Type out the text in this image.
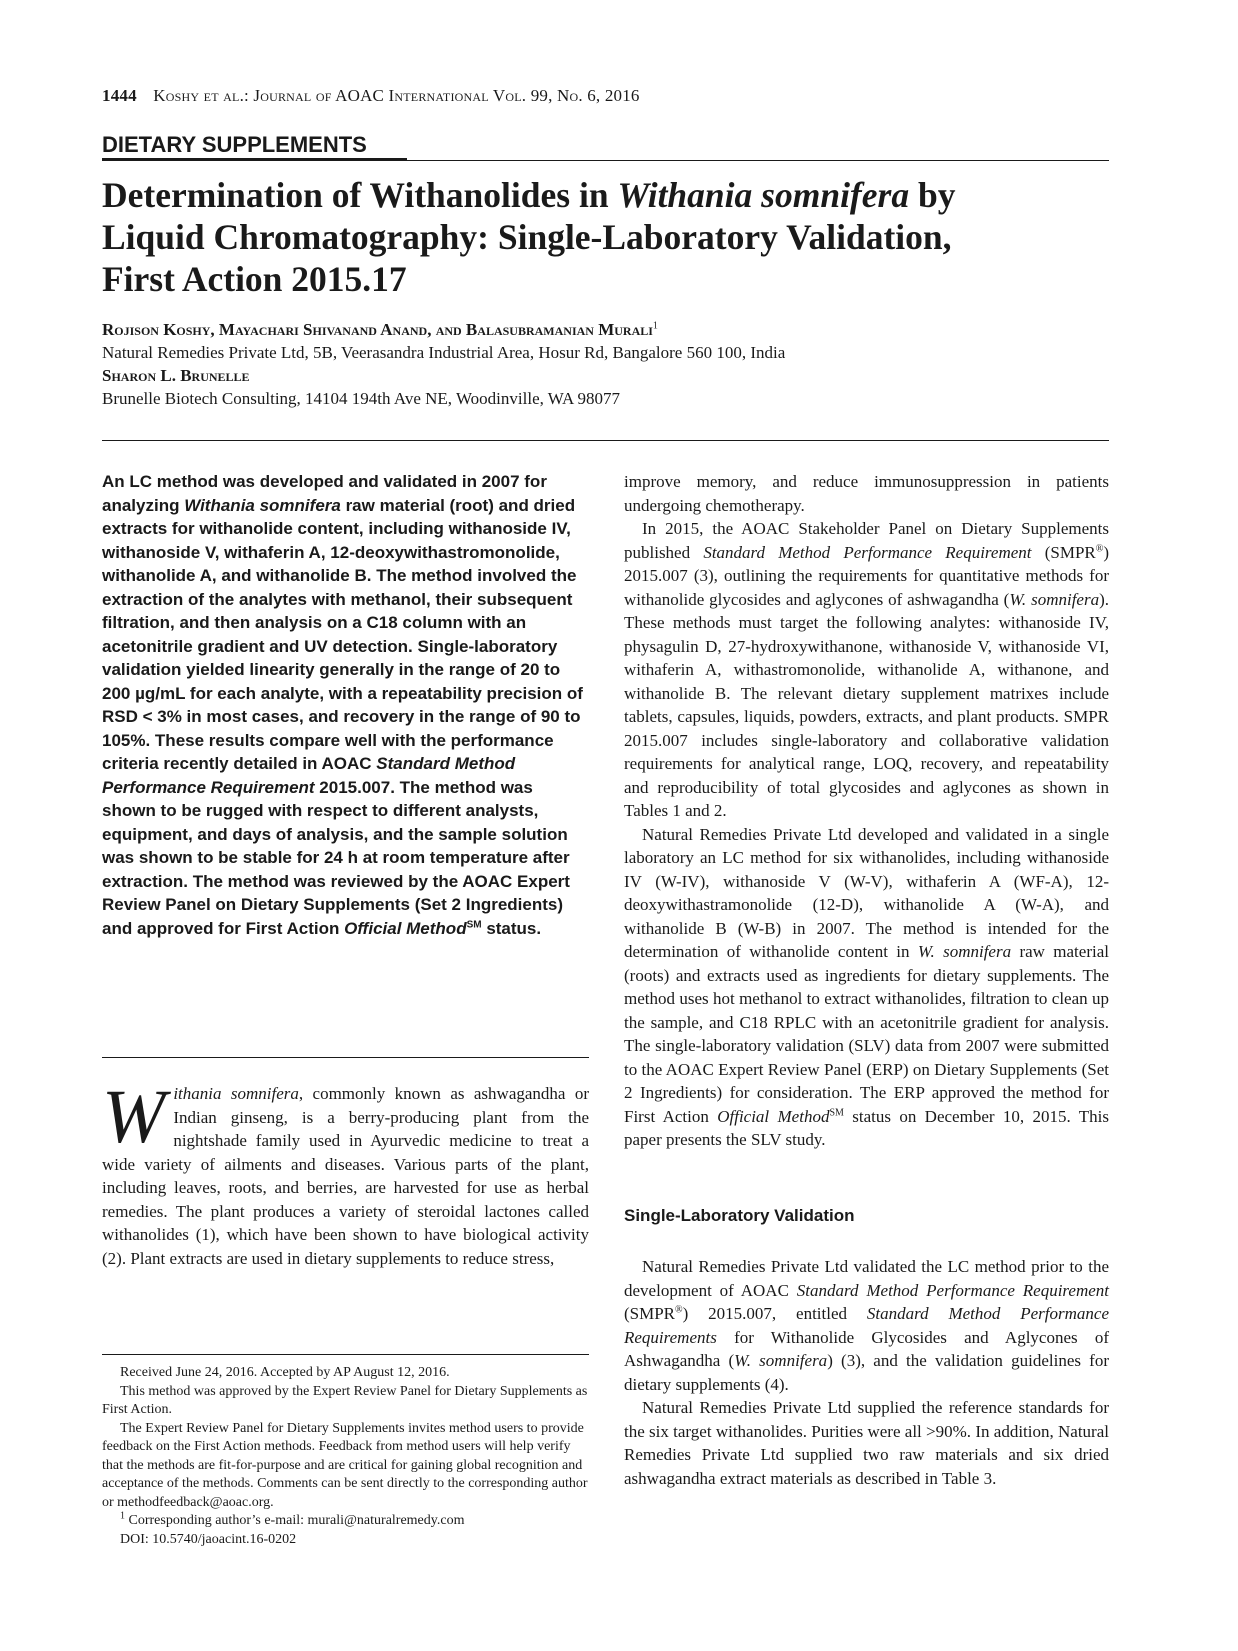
1444 Koshy et al.: Journal of AOAC International Vol. 99, No. 6, 2016
DIETARY SUPPLEMENTS
Determination of Withanolides in Withania somnifera by
Liquid Chromatography: Single-Laboratory Validation,
First Action 2015.17
Rojison Koshy, Mayachari Shivanand Anand, and Balasubramanian Murali$^1$
Natural Remedies Private Ltd, 5B, Veerasandra Industrial Area, Hosur Rd, Bangalore 560 100, India
Sharon L. Brunelle
Brunelle Biotech Consulting, 14104 194th Ave NE, Woodinville, WA 98077
An LC method was developed and validated in 2007 for analyzing Withania somnifera raw material (root) and dried extracts for withanolide content, including withanoside IV, withanoside V, withaferin A, 12-deoxywithastromonolide, withanolide A, and withanolide B. The method involved the extraction of the analytes with methanol, their subsequent filtration, and then analysis on a C18 column with an acetonitrile gradient and UV detection. Single-laboratory validation yielded linearity generally in the range of 20 to 200 µg/mL for each analyte, with a repeatability precision of RSD < 3% in most cases, and recovery in the range of 90 to 105%. These results compare well with the performance criteria recently detailed in AOAC Standard Method Performance Requirement 2015.007. The method was shown to be rugged with respect to different analysts, equipment, and days of analysis, and the sample solution was shown to be stable for 24 h at room temperature after extraction. The method was reviewed by the AOAC Expert Review Panel on Dietary Supplements (Set 2 Ingredients) and approved for First Action Official Method℠ status.
Withania somnifera, commonly known as ashwagandha or Indian ginseng, is a berry-producing plant from the nightshade family used in Ayurvedic medicine to treat a wide variety of ailments and diseases. Various parts of the plant, including leaves, roots, and berries, are harvested for use as herbal remedies. The plant produces a variety of steroidal lactones called withanolides (1), which have been shown to have biological activity (2). Plant extracts are used in dietary supplements to reduce stress,

Received June 24, 2016. Accepted by AP August 12, 2016.

This method was approved by the Expert Review Panel for Dietary Supplements as First Action.

The Expert Review Panel for Dietary Supplements invites method users to provide feedback on the First Action methods. Feedback from method users will help verify that the methods are fit-for-purpose and are critical for gaining global recognition and acceptance of the methods. Comments can be sent directly to the corresponding author or methodfeedback@aoac.org.

$^1$ Corresponding author’s e-mail: murali@naturalremedy.com

DOI: 10.5740/jaoacint.16-0202

improve memory, and reduce immunosuppression in patients undergoing chemotherapy.

In 2015, the AOAC Stakeholder Panel on Dietary Supplements published Standard Method Performance Requirement (SMPR®) 2015.007 (3), outlining the requirements for quantitative methods for withanolide glycosides and aglycones of ashwagandha (W. somnifera). These methods must target the following analytes: withanoside IV, physagulin D, 27-hydroxywithanone, withanoside V, withanoside VI, withaferin A, withastromonolide, withanolide A, withanone, and withanolide B. The relevant dietary supplement matrixes include tablets, capsules, liquids, powders, extracts, and plant products. SMPR 2015.007 includes single-laboratory and collaborative validation requirements for analytical range, LOQ, recovery, and repeatability and reproducibility of total glycosides and aglycones as shown in Tables 1 and 2.

Natural Remedies Private Ltd developed and validated in a single laboratory an LC method for six withanolides, including withanoside IV (W-IV), withanoside V (W-V), withaferin A (WF-A), 12-deoxywithastramonolide (12-D), withanolide A (W-A), and withanolide B (W-B) in 2007. The method is intended for the determination of withanolide content in W. somnifera raw material (roots) and extracts used as ingredients for dietary supplements. The method uses hot methanol to extract withanolides, filtration to clean up the sample, and C18 RPLC with an acetonitrile gradient for analysis. The single-laboratory validation (SLV) data from 2007 were submitted to the AOAC Expert Review Panel (ERP) on Dietary Supplements (Set 2 Ingredients) for consideration. The ERP approved the method for First Action Official Method℠ status on December 10, 2015. This paper presents the SLV study.

Single-Laboratory Validation

Natural Remedies Private Ltd validated the LC method prior to the development of AOAC Standard Method Performance Requirement (SMPR®) 2015.007, entitled Standard Method Performance Requirements for Withanolide Glycosides and Aglycones of Ashwagandha (W. somnifera) (3), and the validation guidelines for dietary supplements (4).

Natural Remedies Private Ltd supplied the reference standards for the six target withanolides. Purities were all >90%. In addition, Natural Remedies Private Ltd supplied two raw materials and six dried ashwagandha extract materials as described in Table 3.
